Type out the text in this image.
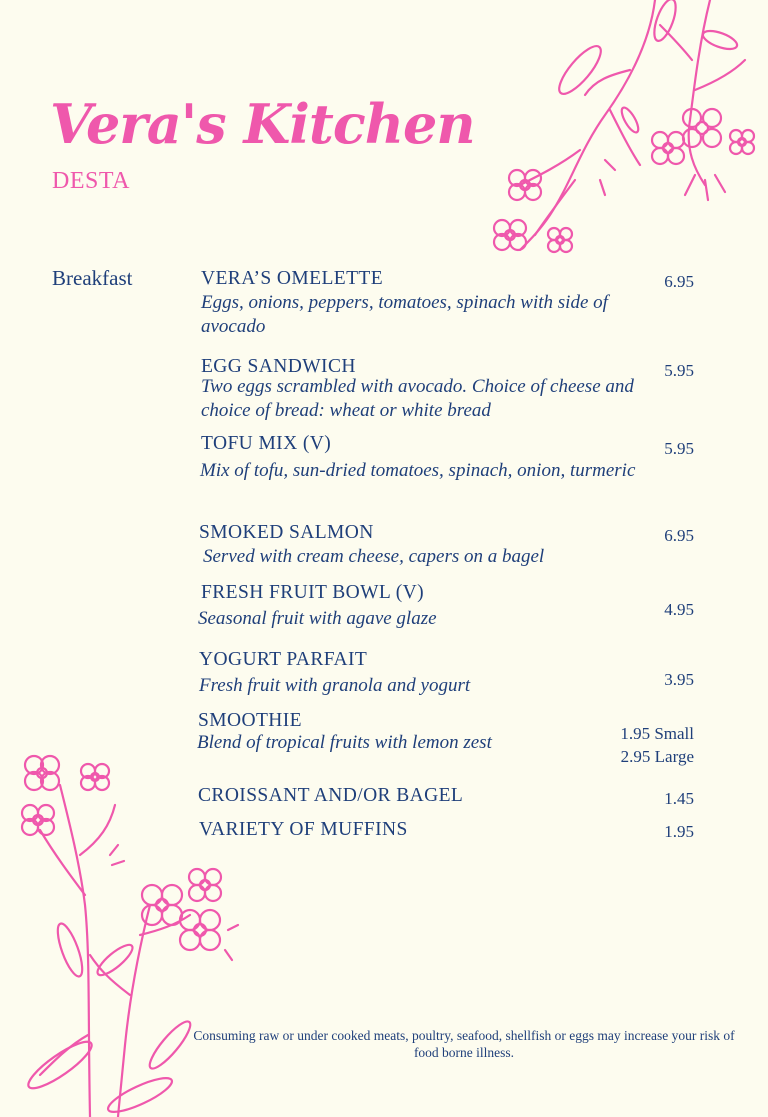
Vera's Kitchen
DESTA
Breakfast	VERA’S OMELETTE
Eggs, onions, peppers, tomatoes, spinach with side of avocado
6.95
EGG SANDWICH
Two eggs scrambled with avocado. Choice of cheese and choice of bread: wheat or white bread
5.95
TOFU MIX (V)
Mix of tofu, sun-dried tomatoes, spinach, onion, turmeric
5.95
SMOKED SALMON
Served with cream cheese, capers on a bagel
6.95
FRESH FRUIT BOWL (V)
Seasonal fruit with agave glaze	4.95
YOGURT PARFAIT
Fresh fruit with granola and yogurt	3.95
SMOOTHIE
Blend of tropical fruits with lemon zest	1.95 Small
2.95 Large
CROISSANT AND/OR BAGEL	1.45
VARIETY OF MUFFINS	1.95
Consuming raw or under cooked meats, poultry, seafood, shellfish or eggs may increase your risk of food borne illness.
